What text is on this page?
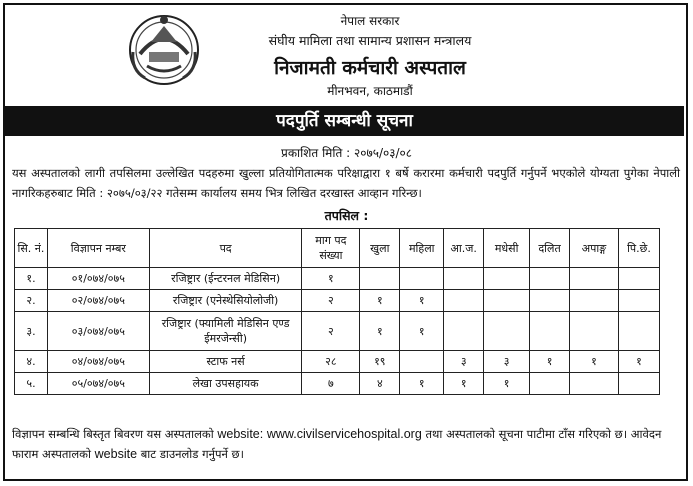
नेपाल सरकार
संघीय मामिला तथा सामान्य प्रशासन मन्त्रालय
निजामती कर्मचारी अस्पताल
मीनभवन, काठमाडौं
पदपुर्ति सम्बन्धी सूचना
प्रकाशित मिति : २०७५/०३/०८
यस अस्पतालको लागी तपसिलमा उल्लेखित पदहरुमा खुल्ला प्रतियोगितात्मक परिक्षाद्वारा १ बर्षे करारमा कर्मचारी पदपुर्ति गर्नुपर्ने भएकोले योग्यता पुगेका नेपाली नागरिकहरुबाट मिति : २०७५/०३/२२ गतेसम्म कार्यालय समय भित्र लिखित दरखास्त आव्हान गरिन्छ।
तपसिल :
सि. नं.	विज्ञापन नम्बर	पद	माग पद संख्या	खुला	महिला	आ.ज.	मधेसी	दलित	अपाङ्ग	पि.छे.
१.	०१/०७४/०७५	रजिष्ट्रार (ईन्टरनल मेडिसिन)	१							
२.	०२/०७४/०७५	रजिष्ट्रार (एनेस्थेसियोलोजी)	२	१	१					
३.	०३/०७४/०७५	रजिष्ट्रार (फ्यामिली मेडिसिन एण्ड ईमरजेन्सी)	२	१	१					
४.	०४/०७४/०७५	स्टाफ नर्स	२८	१९		३	३	१	१	१
५.	०५/०७४/०७५	लेखा उपसहायक	७	४	१	१	१			
विज्ञापन सम्बन्धि बिस्तृत बिवरण यस अस्पतालको website: www.civilservicehospital.org तथा अस्पतालको सूचना पाटीमा टाँस गरिएको छ। आवेदन फाराम अस्पतालको website बाट डाउनलोड गर्नुपर्ने छ।
